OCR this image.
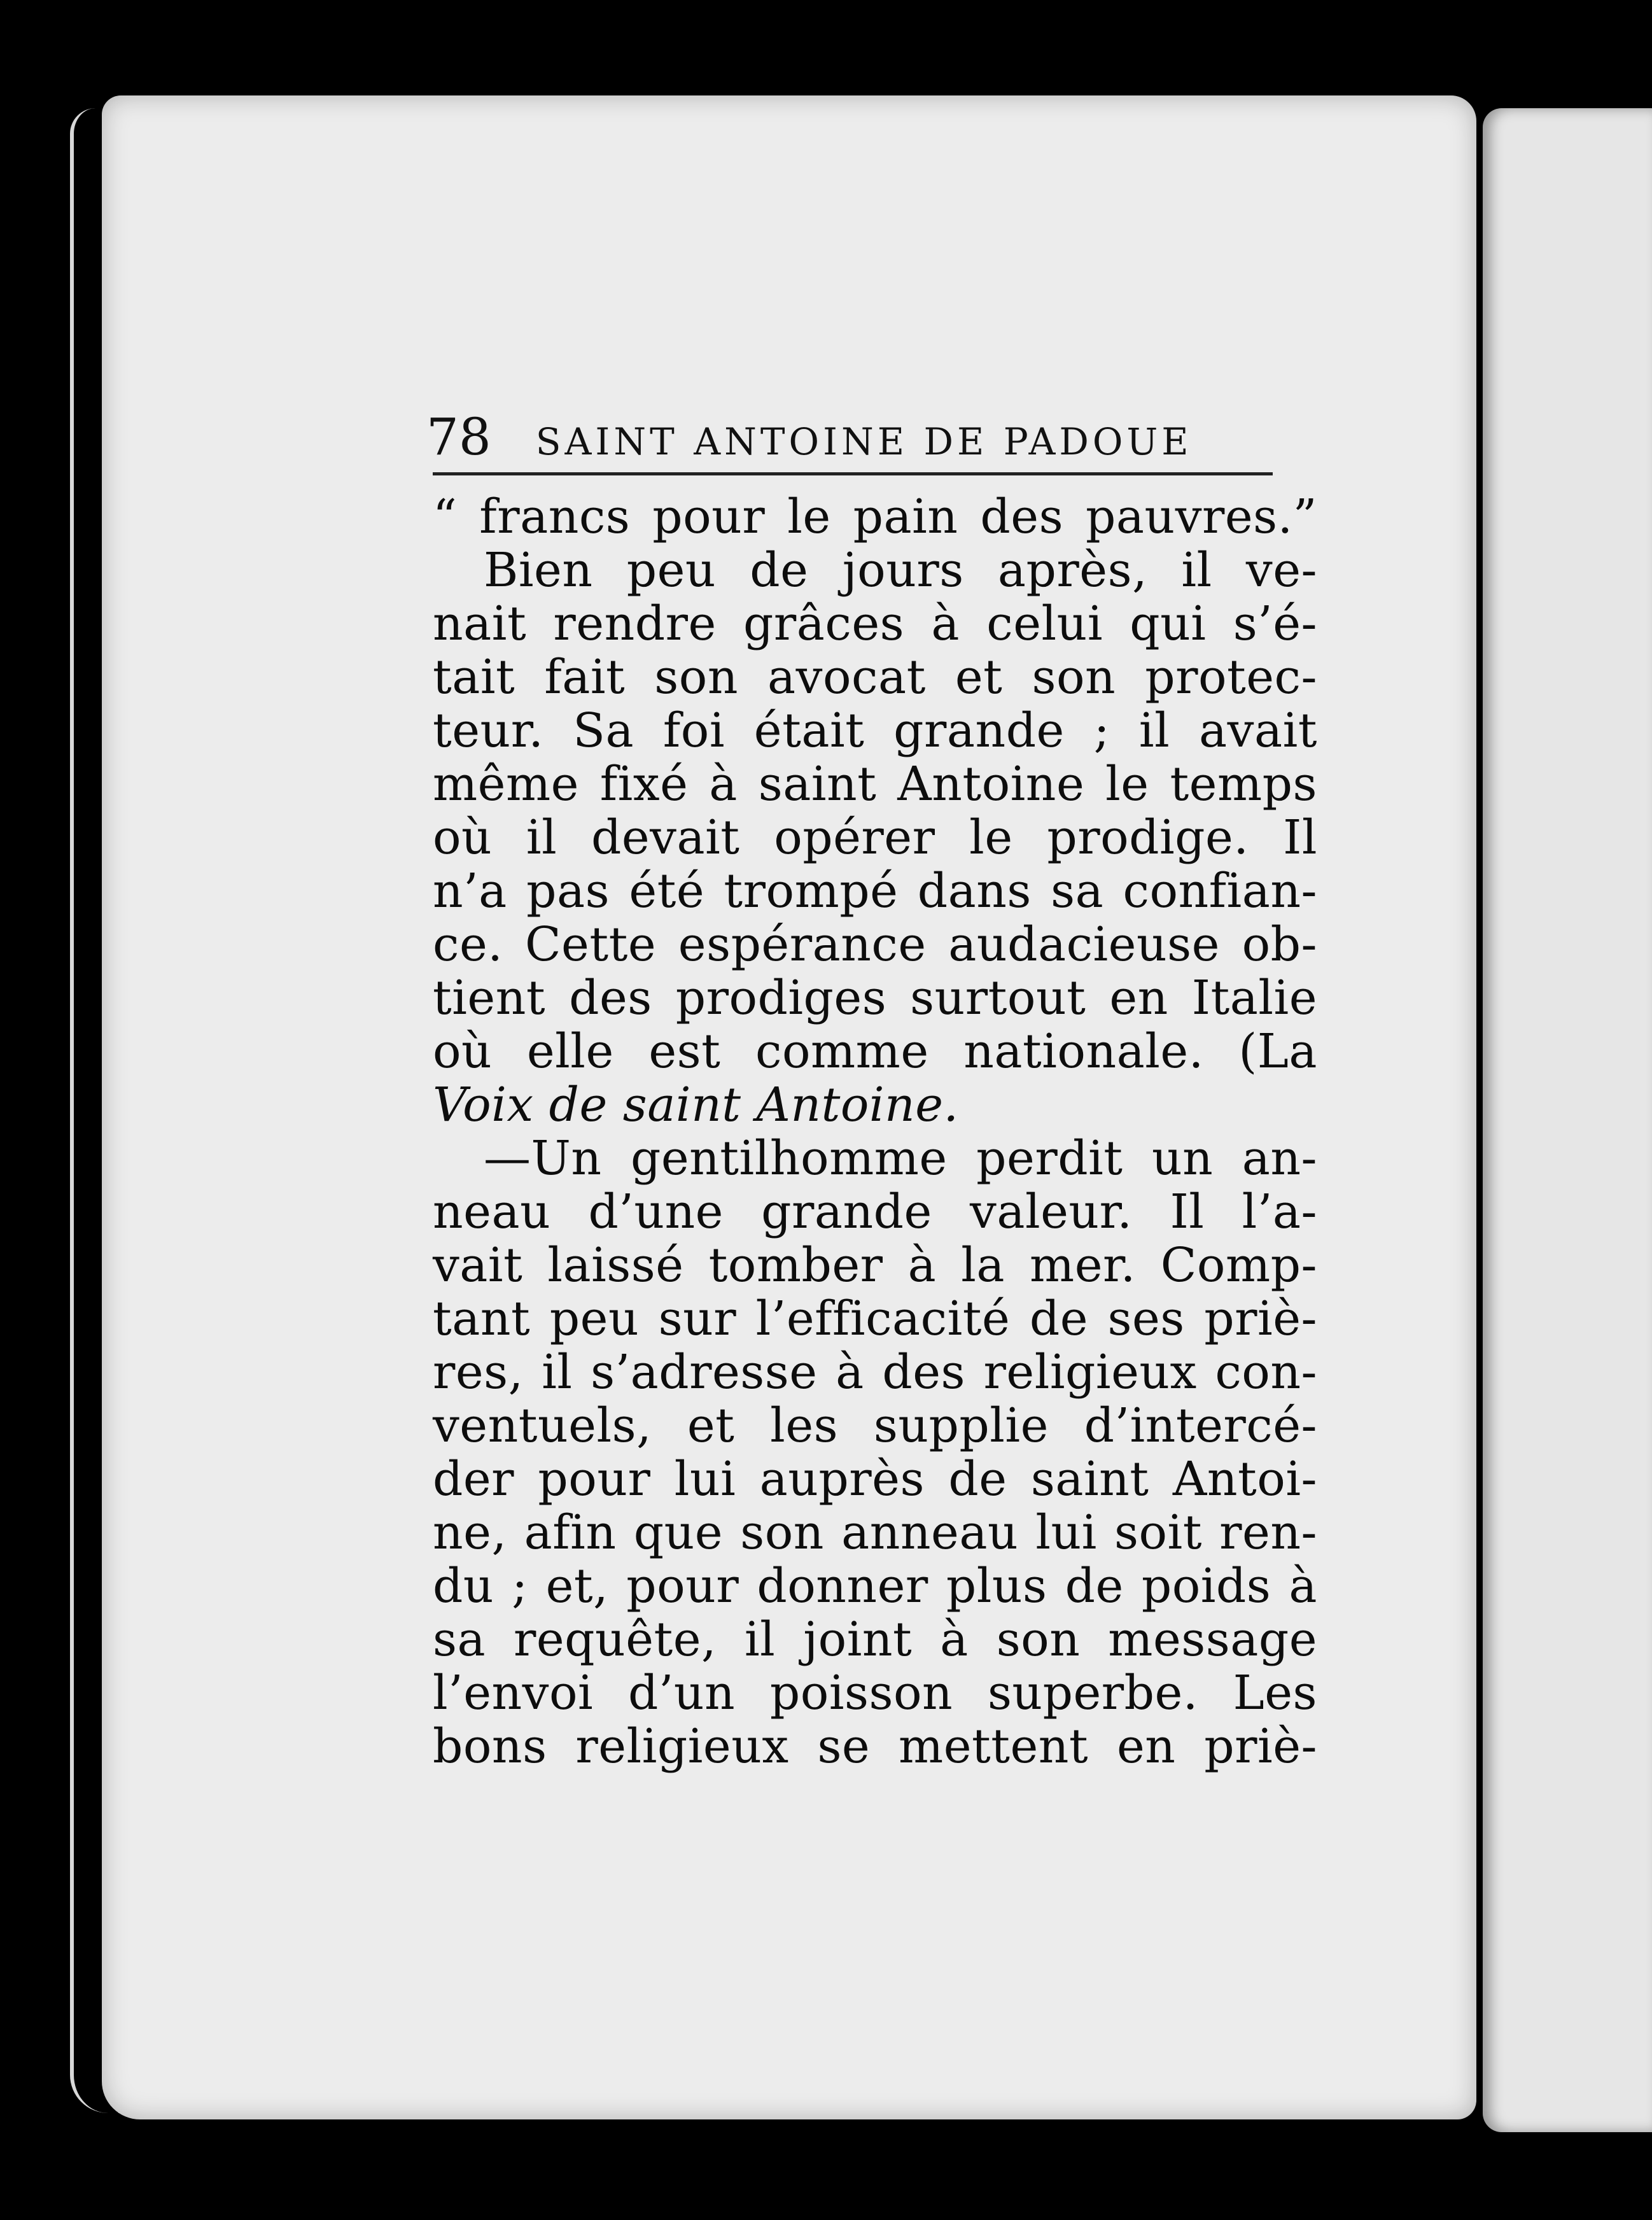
78 SAINT ANTOINE DE PADOUE
“ francs pour le pain des pauvres.”
Bien peu de jours après, il ve-
nait rendre grâces à celui qui s’é-
tait fait son avocat et son protec-
teur. Sa foi était grande ; il avait
même fixé à saint Antoine le temps
où il devait opérer le prodige. Il
n’a pas été trompé dans sa confian-
ce. Cette espérance audacieuse ob-
tient des prodiges surtout en Italie
où elle est comme nationale. (La
Voix de saint Antoine.
—Un gentilhomme perdit un an-
neau d’une grande valeur. Il l’a-
vait laissé tomber à la mer. Comp-
tant peu sur l’efficacité de ses priè-
res, il s’adresse à des religieux con-
ventuels, et les supplie d’intercé-
der pour lui auprès de saint Antoi-
ne, afin que son anneau lui soit ren-
du ; et, pour donner plus de poids à
sa requête, il joint à son message
l’envoi d’un poisson superbe. Les
bons religieux se mettent en priè-
